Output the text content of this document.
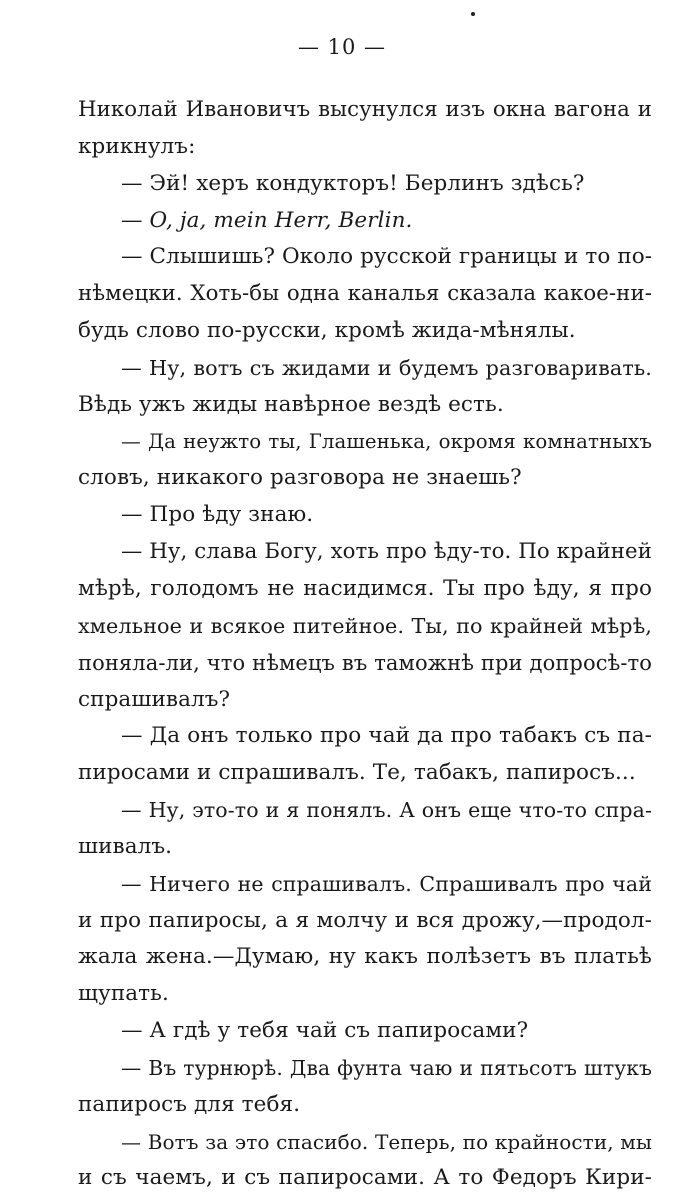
— 10 —
Николай Ивановичъ высунулся изъ окна вагона и
крикнулъ:
— Эй! херъ кондукторъ! Берлинъ здѣсь?
— O, ja, mein Herr, Berlin.
— Слышишь? Около русской границы и то по-
нѣмецки. Хоть-бы одна каналья сказала какое-ни-
будь слово по-русски, кромѣ жида-мѣнялы.
— Ну, вотъ съ жидами и будемъ разговаривать.
Вѣдь ужъ жиды навѣрное вездѣ есть.
— Да неужто ты, Глашенька, окромя комнатныхъ
словъ, никакого разговора не знаешь?
— Про ѣду знаю.
— Ну, слава Богу, хоть про ѣду-то. По крайней
мѣрѣ, голодомъ не насидимся. Ты про ѣду, я про
хмельное и всякое питейное. Ты, по крайней мѣрѣ,
поняла-ли, что нѣмецъ въ таможнѣ при допросѣ-то
спрашивалъ?
— Да онъ только про чай да про табакъ съ па-
пиросами и спрашивалъ. Те, табакъ, папиросъ...
— Ну, это-то и я понялъ. А онъ еще что-то спра-
шивалъ.
— Ничего не спрашивалъ. Спрашивалъ про чай
и про папиросы, а я молчу и вся дрожу,—продол-
жала жена.—Думаю, ну какъ полѣзетъ въ платьѣ
щупать.
— А гдѣ у тебя чай съ папиросами?
— Въ турнюрѣ. Два фунта чаю и пятьсотъ штукъ
папиросъ для тебя.
— Вотъ за это спасибо. Теперь, по крайности, мы
и съ чаемъ, и съ папиросами. А то Федоръ Кири-
